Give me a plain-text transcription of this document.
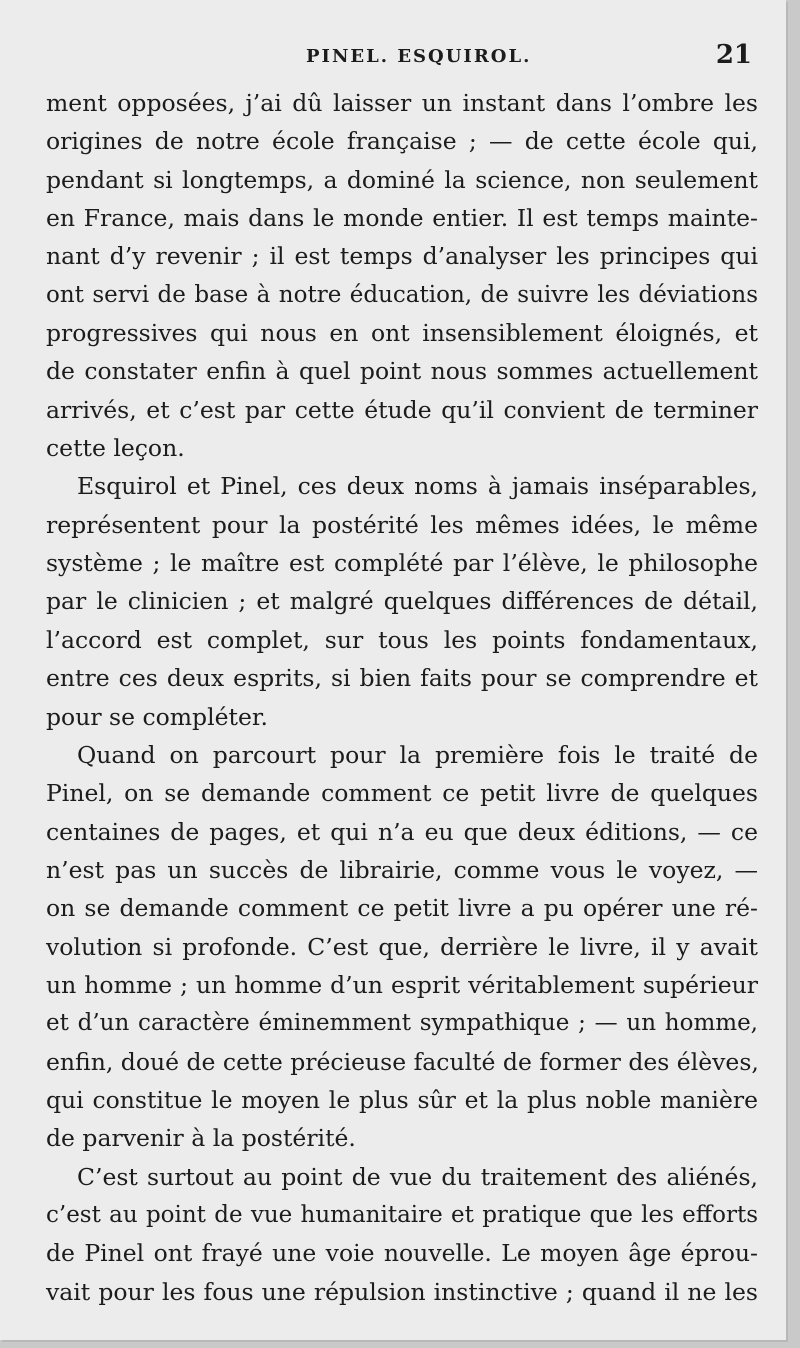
PINEL. ESQUIROL.	21
ment opposées, j’ai dû laisser un instant dans l’ombre les
origines de notre école française ; — de cette école qui,
pendant si longtemps, a dominé la science, non seulement
en France, mais dans le monde entier. Il est temps mainte-
nant d’y revenir ; il est temps d’analyser les principes qui
ont servi de base à notre éducation, de suivre les déviations
progressives qui nous en ont insensiblement éloignés, et
de constater enfin à quel point nous sommes actuellement
arrivés, et c’est par cette étude qu’il convient de terminer
cette leçon.
Esquirol et Pinel, ces deux noms à jamais inséparables,
représentent pour la postérité les mêmes idées, le même
système ; le maître est complété par l’élève, le philosophe
par le clinicien ; et malgré quelques différences de détail,
l’accord est complet, sur tous les points fondamentaux,
entre ces deux esprits, si bien faits pour se comprendre et
pour se compléter.
Quand on parcourt pour la première fois le traité de
Pinel, on se demande comment ce petit livre de quelques
centaines de pages, et qui n’a eu que deux éditions, — ce
n’est pas un succès de librairie, comme vous le voyez, —
on se demande comment ce petit livre a pu opérer une ré-
volution si profonde. C’est que, derrière le livre, il y avait
un homme ; un homme d’un esprit véritablement supérieur
et d’un caractère éminemment sympathique ; — un homme,
enfin, doué de cette précieuse faculté de former des élèves,
qui constitue le moyen le plus sûr et la plus noble manière
de parvenir à la postérité.
C’est surtout au point de vue du traitement des aliénés,
c’est au point de vue humanitaire et pratique que les efforts
de Pinel ont frayé une voie nouvelle. Le moyen âge éprou-
vait pour les fous une répulsion instinctive ; quand il ne les
